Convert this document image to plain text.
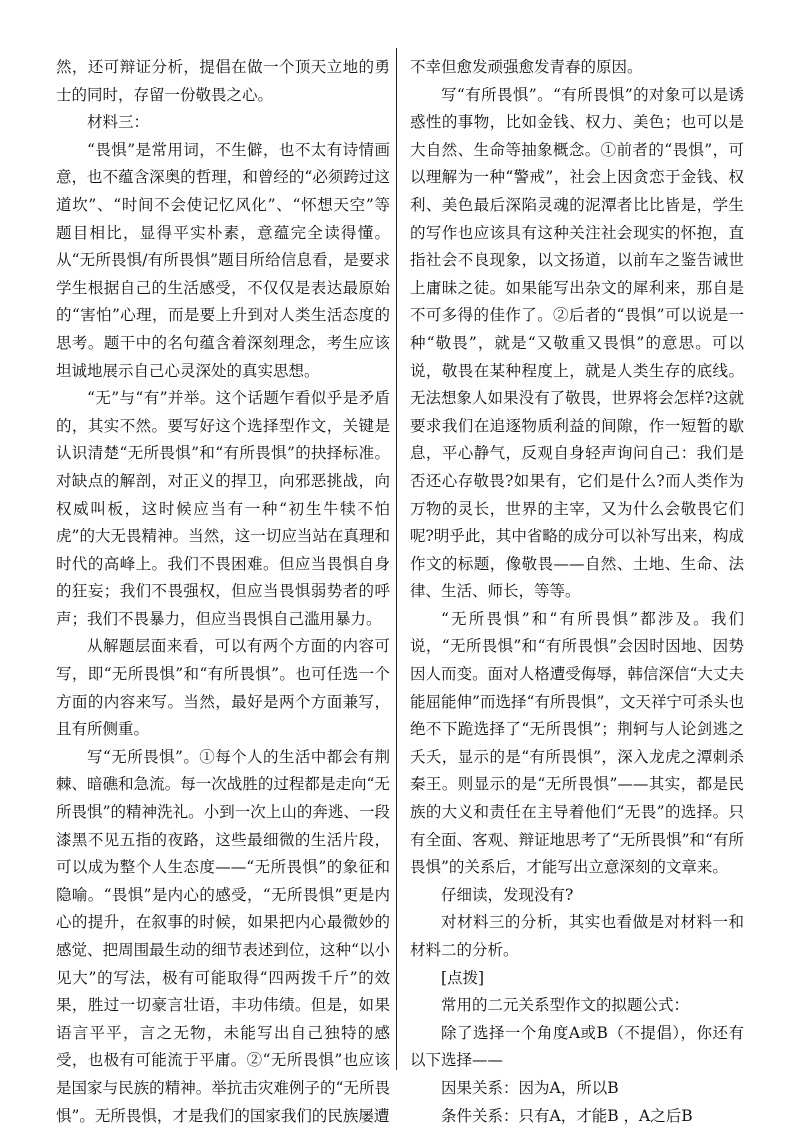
然，还可辩证分析，提倡在做一个顶天立地的勇士的同时，存留一份敬畏之心。

材料三：

“畏惧”是常用词，不生僻，也不太有诗情画意，也不蕴含深奥的哲理，和曾经的“必须跨过这道坎”、“时间不会使记忆风化”、“怀想天空”等题目相比，显得平实朴素，意蕴完全读得懂。从“无所畏惧/有所畏惧”题目所给信息看，是要求学生根据自己的生活感受，不仅仅是表达最原始的“害怕”心理，而是要上升到对人类生活态度的思考。题干中的名句蕴含着深刻理念，考生应该坦诚地展示自己心灵深处的真实思想。

“无”与“有”并举。这个话题乍看似乎是矛盾的，其实不然。要写好这个选择型作文，关键是认识清楚“无所畏惧”和“有所畏惧”的抉择标准。对缺点的解剖，对正义的捍卫，向邪恶挑战，向权威叫板，这时候应当有一种“初生牛犊不怕虎”的大无畏精神。当然，这一切应当站在真理和时代的高峰上。我们不畏困难。但应当畏惧自身的狂妄；我们不畏强权，但应当畏惧弱势者的呼声；我们不畏暴力，但应当畏惧自己滥用暴力。

从解题层面来看，可以有两个方面的内容可写，即“无所畏惧”和“有所畏惧”。也可任选一个方面的内容来写。当然，最好是两个方面兼写，且有所侧重。

写“无所畏惧”。①每个人的生活中都会有荆棘、暗礁和急流。每一次战胜的过程都是走向“无所畏惧”的精神洗礼。小到一次上山的奔逃、一段漆黑不见五指的夜路，这些最细微的生活片段，可以成为整个人生态度——“无所畏惧”的象征和隐喻。“畏惧”是内心的感受，“无所畏惧”更是内心的提升，在叙事的时候，如果把内心最微妙的感觉、把周围最生动的细节表述到位，这种“以小见大”的写法，极有可能取得“四两拨千斤”的效果，胜过一切豪言壮语，丰功伟绩。但是，如果语言平平，言之无物，未能写出自己独特的感受，也极有可能流于平庸。②“无所畏惧”也应该是国家与民族的精神。举抗击灾难例子的“无所畏惧”。无所畏惧，才是我们的国家我们的民族屡遭

不幸但愈发顽强愈发青春的原因。

写“有所畏惧”。“有所畏惧”的对象可以是诱惑性的事物，比如金钱、权力、美色；也可以是大自然、生命等抽象概念。①前者的“畏惧”，可以理解为一种“警戒”，社会上因贪恋于金钱、权利、美色最后深陷灵魂的泥潭者比比皆是，学生的写作也应该具有这种关注社会现实的怀抱，直指社会不良现象，以文扬道，以前车之鉴告诫世上庸昧之徒。如果能写出杂文的犀利来，那自是不可多得的佳作了。②后者的“畏惧”可以说是一种“敬畏”，就是“又敬重又畏惧”的意思。可以说，敬畏在某种程度上，就是人类生存的底线。无法想象人如果没有了敬畏，世界将会怎样?这就要求我们在追逐物质利益的间隙，作一短暂的歇息，平心静气，反观自身轻声询问自己：我们是否还心存敬畏?如果有，它们是什么?而人类作为万物的灵长，世界的主宰，又为什么会敬畏它们呢?明乎此，其中省略的成分可以补写出来，构成作文的标题，像敬畏——自然、土地、生命、法律、生活、师长，等等。

“无所畏惧”和“有所畏惧”都涉及。我们说，“无所畏惧”和“有所畏惧”会因时因地、因势因人而变。面对人格遭受侮辱，韩信深信“大丈夫能屈能伸”而选择“有所畏惧”，文天祥宁可杀头也绝不下跪选择了“无所畏惧”；荆轲与人论剑逃之夭夭，显示的是“有所畏惧”，深入龙虎之潭刺杀秦王。则显示的是“无所畏惧”——其实，都是民族的大义和责任在主导着他们“无畏”的选择。只有全面、客观、辩证地思考了“无所畏惧”和“有所畏惧”的关系后，才能写出立意深刻的文章来。

仔细读，发现没有?

对材料三的分析，其实也看做是对材料一和材料二的分析。

[点拨]

常用的二元关系型作文的拟题公式：

除了选择一个角度A或B（不提倡），你还有以下选择——

因果关系：因为A，所以B

条件关系：只有A，才能B ，A之后B
